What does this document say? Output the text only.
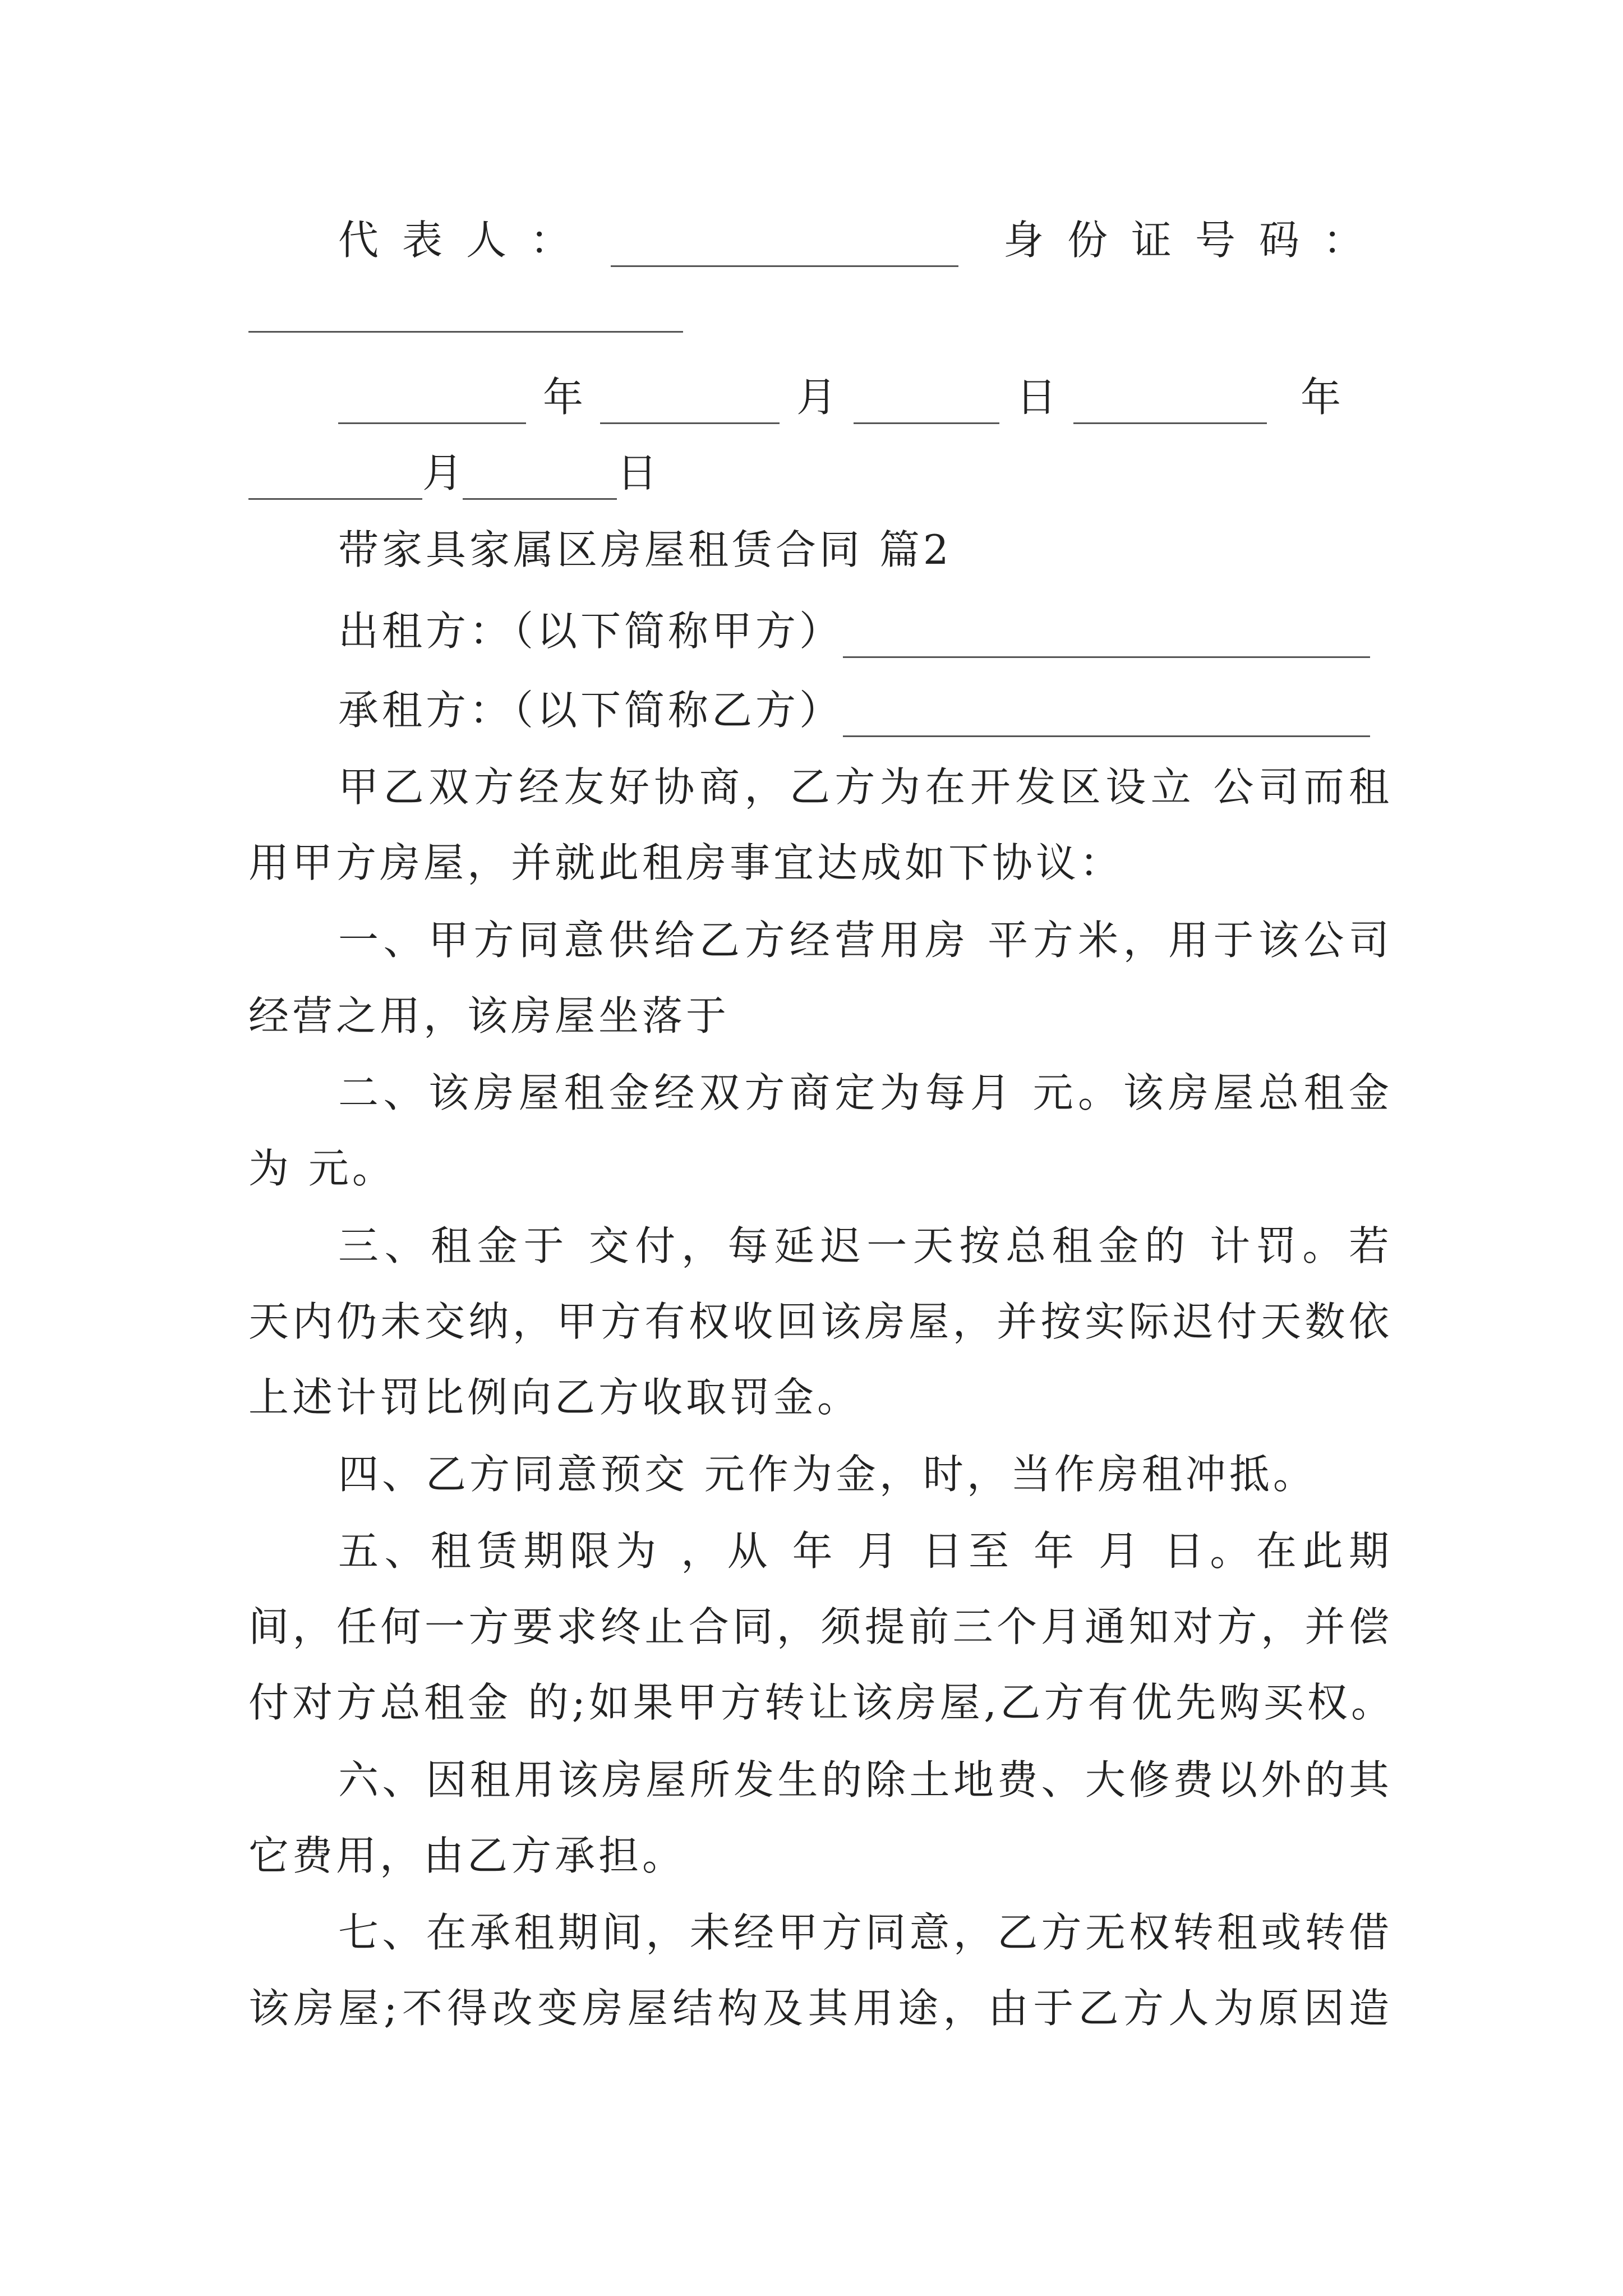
代表人：	身份证号码：
年	月	日	年
月	日
带家具家属区房屋租赁合同 篇2
出租方：（以下简称甲方）
承租方：（以下简称乙方）
甲乙双方经友好协商，乙方为在开发区设立 公司而租
用甲方房屋，并就此租房事宜达成如下协议：
一、甲方同意供给乙方经营用房 平方米，用于该公司
经营之用，该房屋坐落于
二、该房屋租金经双方商定为每月 元。该房屋总租金
为 元。
三、租金于 交付，每延迟一天按总租金的 计罚。若
天内仍未交纳，甲方有权收回该房屋，并按实际迟付天数依
上述计罚比例向乙方收取罚金。
四、乙方同意预交 元作为金，时，当作房租冲抵。
五、租赁期限为 ，从 年 月 日至 年 月 日。在此期
间，任何一方要求终止合同，须提前三个月通知对方，并偿
付对方总租金 的;如果甲方转让该房屋,乙方有优先购买权。
六、因租用该房屋所发生的除土地费、大修费以外的其
它费用，由乙方承担。
七、在承租期间，未经甲方同意，乙方无权转租或转借
该房屋;不得改变房屋结构及其用途，由于乙方人为原因造
